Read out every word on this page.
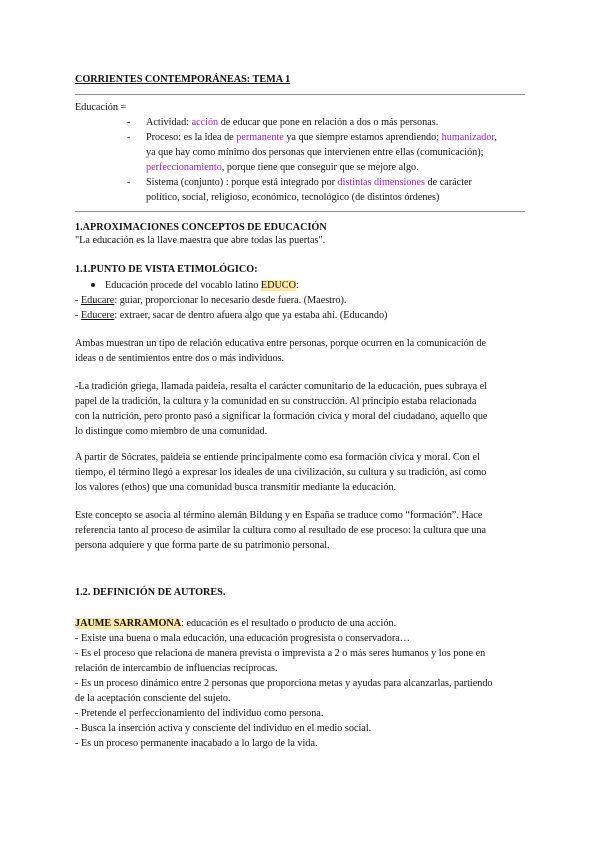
CORRIENTES CONTEMPORÁNEAS: TEMA 1
Educación =
- Actividad: acción de educar que pone en relación a dos o más personas.
- Proceso: es la idea de permanente ya que siempre estamos aprendiendo; humanizador,
ya que hay como mínimo dos personas que intervienen entre ellas (comunicación);
perfeccionamiento, porque tiene que conseguir que se mejore algo.
- Sistema (conjunto) : porque está integrado por distintas dimensiones de carácter
político, social, religioso, económico, tecnológico (de distintos órdenes)
1.APROXIMACIONES CONCEPTOS DE EDUCACIÓN
"La educación es la llave maestra que abre todas las puertas".
1.1.PUNTO DE VISTA ETIMOLÓGICO:
Educación procede del vocablo latino EDUCO:
- Educare: guiar, proporcionar lo necesario desde fuera. (Maestro).
- Educere: extraer, sacar de dentro afuera algo que ya estaba ahí. (Educando)
Ambas muestran un tipo de relación educativa entre personas, porque ocurren en la comunicación de
ideas o de sentimientos entre dos o más individuos.
-La tradición griega, llamada paideia, resalta el carácter comunitario de la educación, pues subraya el
papel de la tradición, la cultura y la comunidad en su construcción. Al principio estaba relacionada
con la nutrición, pero pronto pasó a significar la formación cívica y moral del ciudadano, aquello que
lo distingue como miembro de una comunidad.
A partir de Sócrates, paideia se entiende principalmente como esa formación cívica y moral. Con el
tiempo, el término llegó a expresar los ideales de una civilización, su cultura y su tradición, así como
los valores (ethos) que una comunidad busca transmitir mediante la educación.
Este concepto se asocia al término alemán Bildung y en España se traduce como “formación”. Hace
referencia tanto al proceso de asimilar la cultura como al resultado de ese proceso: la cultura que una
persona adquiere y que forma parte de su patrimonio personal.
1.2. DEFINICIÓN DE AUTORES.
JAUME SARRAMONA: educación es el resultado o producto de una acción.
- Existe una buena o mala educación, una educación progresista o conservadora…
- Es el proceso que relaciona de manera prevista o imprevista a 2 o más seres humanos y los pone en
relación de intercambio de influencias recíprocas.
- Es un proceso dinámico entre 2 personas que proporciona metas y ayudas para alcanzarlas, partiendo
de la aceptación consciente del sujeto.
- Pretende el perfeccionamiento del individuo como persona.
- Busca la inserción activa y consciente del individuo en el medio social.
- Es un proceso permanente inacabado a lo largo de la vida.
